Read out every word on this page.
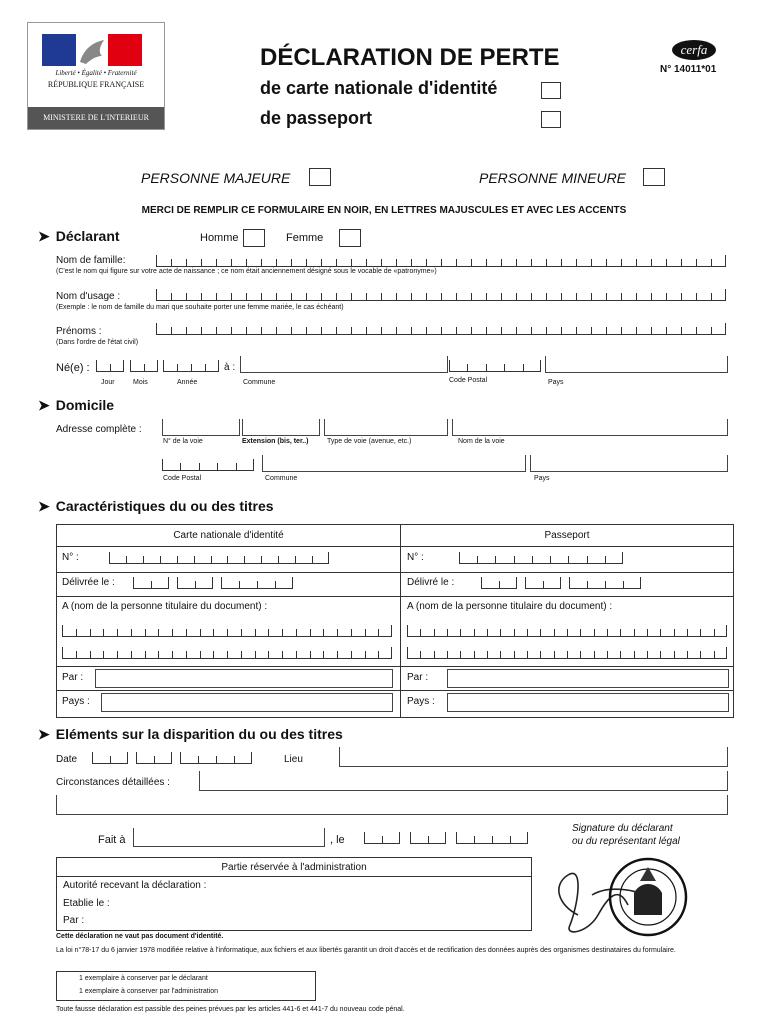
Liberté • Égalité • Fraternité
RÉPUBLIQUE FRANÇAISE
MINISTERE DE L'INTERIEUR
DÉCLARATION DE PERTE
de carte nationale d'identité
de passeport
cerfa
N° 14011*01
PERSONNE MAJEURE	PERSONNE MINEURE
MERCI DE REMPLIR CE FORMULAIRE EN NOIR, EN LETTRES MAJUSCULES ET AVEC LES ACCENTS
➤ Déclarant	Homme	Femme
Nom de famille:
(C'est le nom qui figure sur votre acte de naissance ; ce nom était anciennement désigné sous le vocable de «patronyme»)
Nom d'usage :
(Exemple : le nom de famille du mari que souhaite porter une femme mariée, le cas échéant)
Prénoms :
(Dans l'ordre de l'état civil)
Né(e) :	à :
Jour	Mois	Année	Commune	Code Postal	Pays
➤ Domicile
Adresse complète :
N° de la voie	Extension (bis, ter..)	Type de voie (avenue, etc.)	Nom de la voie
Code Postal	Commune	Pays
➤ Caractéristiques du ou des titres
Carte nationale d'identité	Passeport
N° :	N° :
Délivrée le :	Délivré le :
A (nom de la personne titulaire du document) :	A (nom de la personne titulaire du document) :
Par :	Par :
Pays :	Pays :
➤ Eléments sur la disparition du ou des titres
Date	Lieu
Circonstances détaillées :
Fait à	, le
Signature du déclarant
ou du représentant légal
Partie réservée à l'administration
Autorité recevant la déclaration :
Etablie le :
Par :
Cette déclaration ne vaut pas document d'identité.
La loi n°78-17 du 6 janvier 1978 modifiée relative à l'informatique, aux fichiers et aux libertés garantit un droit d'accès et de rectification des données auprès des organismes destinataires du formulaire.
1 exemplaire à conserver par le déclarant
1 exemplaire à conserver par l'administration
Toute fausse déclaration est passible des peines prévues par les articles 441-6 et 441-7 du nouveau code pénal.
